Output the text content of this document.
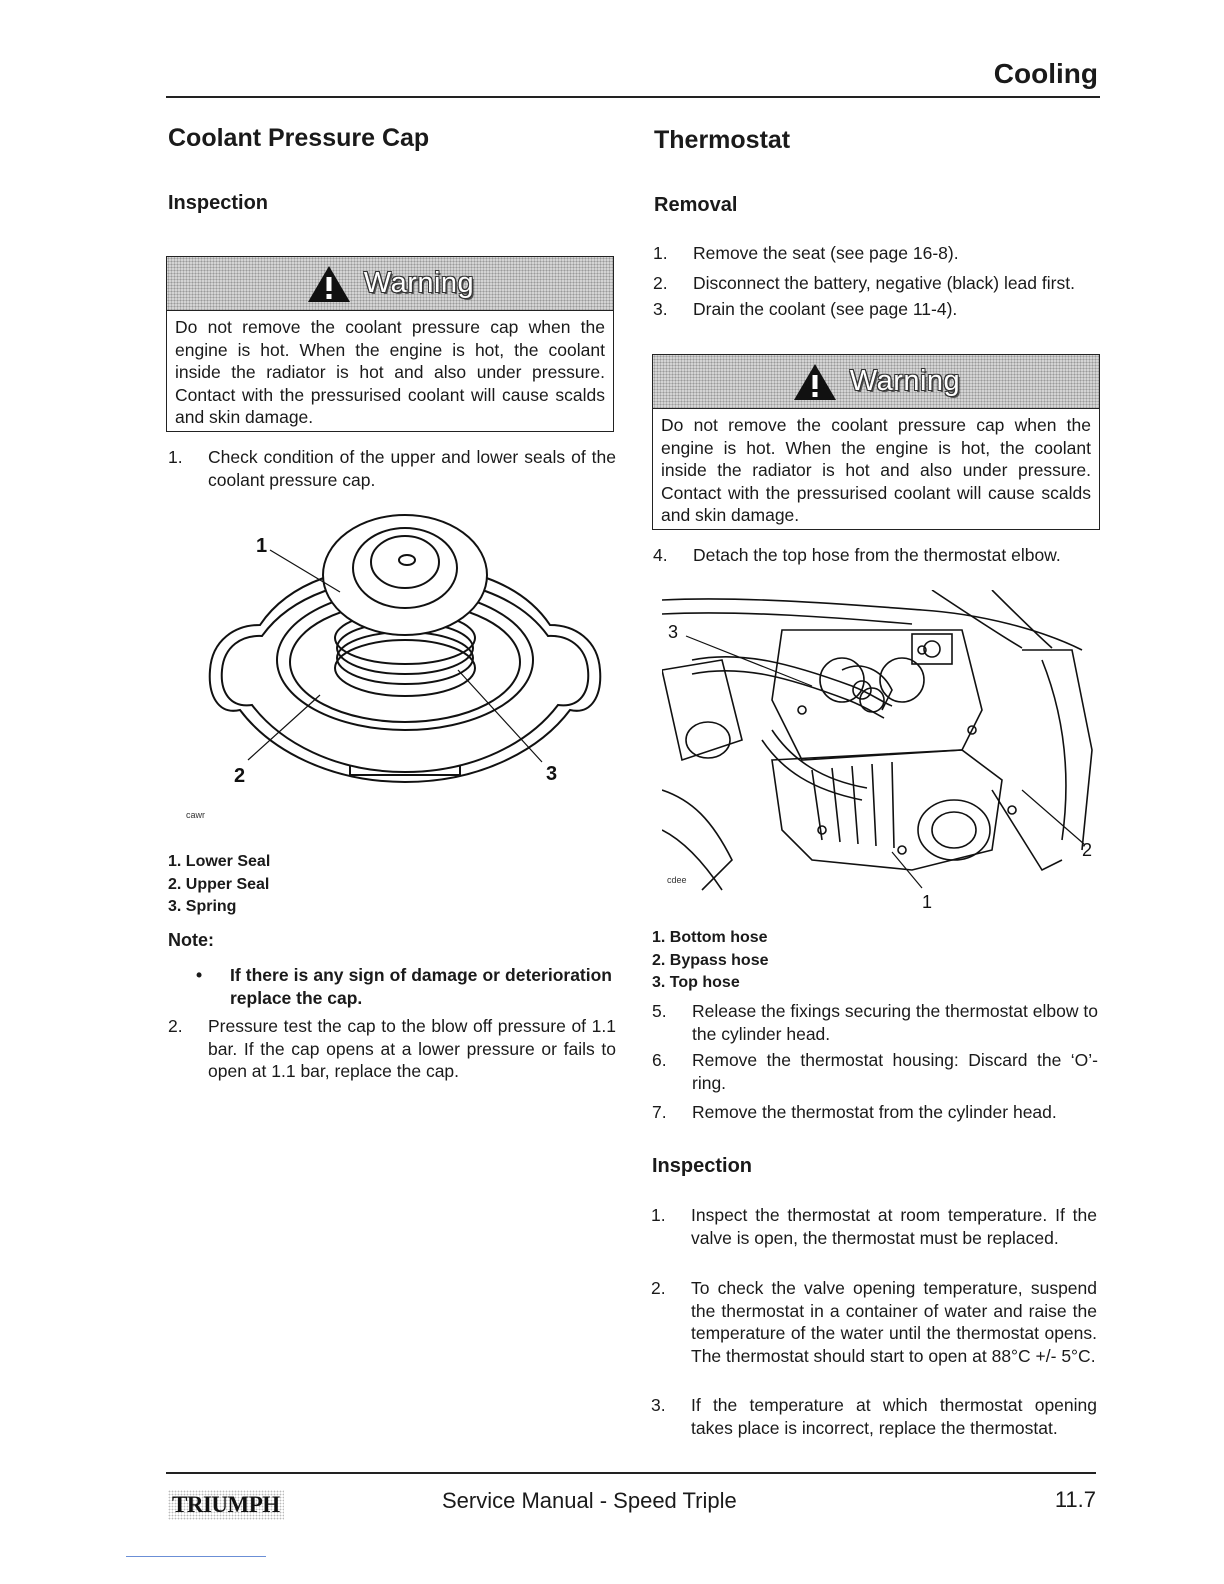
Cooling
Coolant Pressure Cap
Inspection
Warning
Do not remove the coolant pressure cap when the engine is hot. When the engine is hot, the coolant inside the radiator is hot and also under pressure. Contact with the pressurised coolant will cause scalds and skin damage.
1.	Check condition of the upper and lower seals of the coolant pressure cap.
1
2	3
cawr
1. Lower Seal
2. Upper Seal
3. Spring
Note:
•	If there is any sign of damage or deterioration replace the cap.
2.	Pressure test the cap to the blow off pressure of 1.1 bar. If the cap opens at a lower pressure or fails to open at 1.1 bar, replace the cap.
Thermostat
Removal
1.	Remove the seat (see page 16-8).
2.	Disconnect the battery, negative (black) lead first.
3.	Drain the coolant (see page 11-4).
Warning
Do not remove the coolant pressure cap when the engine is hot. When the engine is hot, the coolant inside the radiator is hot and also under pressure. Contact with the pressurised coolant will cause scalds and skin damage.
4.	Detach the top hose from the thermostat elbow.
3
2
1
cdee
1. Bottom hose
2. Bypass hose
3. Top hose
5.	Release the fixings securing the thermostat elbow to the cylinder head.
6.	Remove the thermostat housing: Discard the ‘O’-ring.
7.	Remove the thermostat from the cylinder head.
Inspection
1.	Inspect the thermostat at room temperature. If the valve is open, the thermostat must be replaced.
2.	To check the valve opening temperature, suspend the thermostat in a container of water and raise the temperature of the water until the thermostat opens. The thermostat should start to open at 88°C +/- 5°C.
3.	If the temperature at which thermostat opening takes place is incorrect, replace the thermostat.
TRIUMPH	Service Manual - Speed Triple	11.7
